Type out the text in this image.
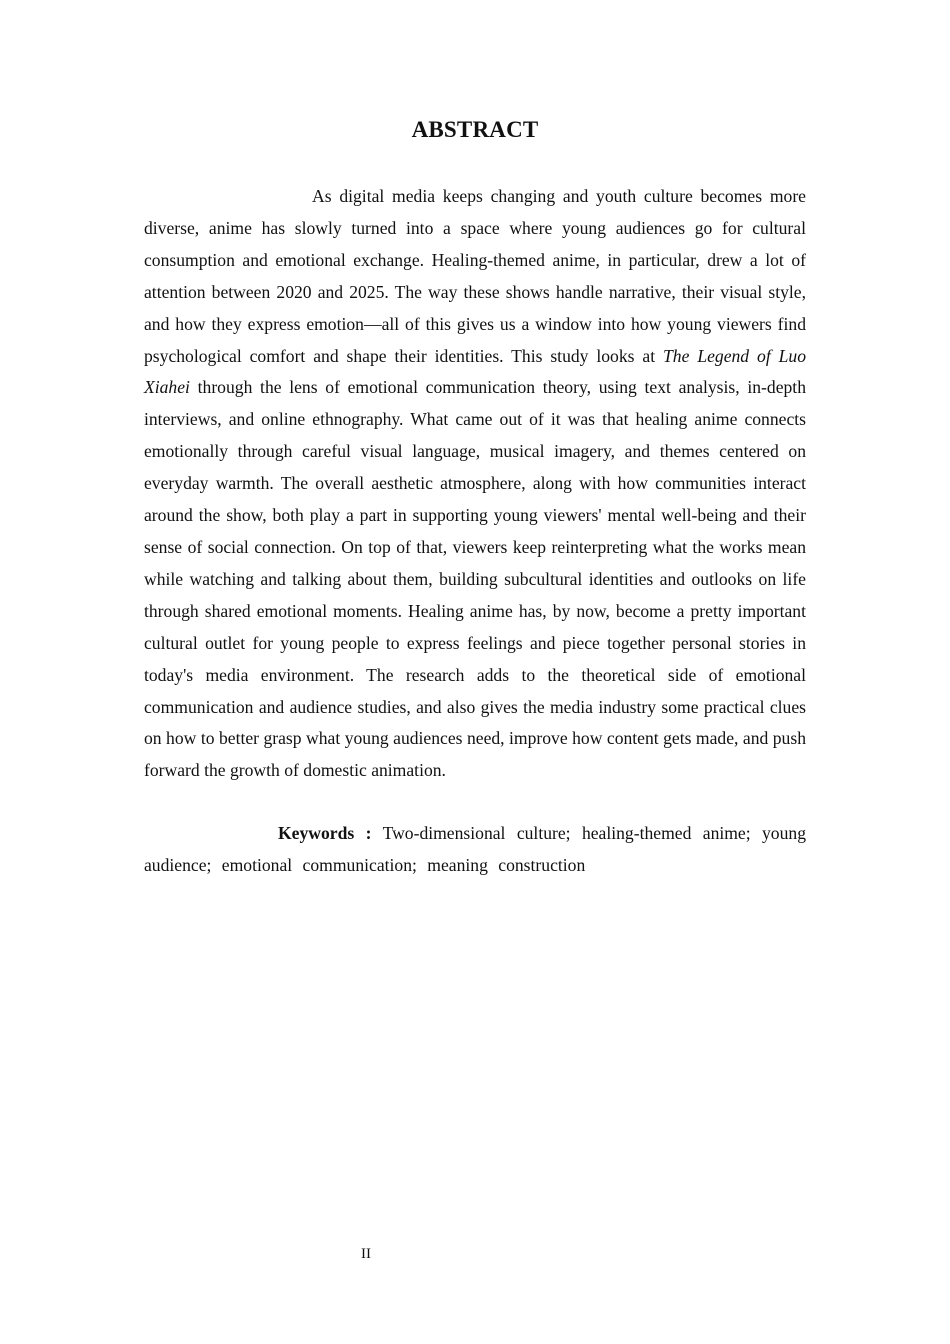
ABSTRACT

As digital media keeps changing and youth culture becomes more diverse, anime has slowly turned into a space where young audiences go for cultural consumption and emotional exchange. Healing-themed anime, in particular, drew a lot of attention between 2020 and 2025. The way these shows handle narrative, their visual style, and how they express emotion—all of this gives us a window into how young viewers find psychological comfort and shape their identities. This study looks at The Legend of Luo Xiahei through the lens of emotional communication theory, using text analysis, in-depth interviews, and online ethnography. What came out of it was that healing anime connects emotionally through careful visual language, musical imagery, and themes centered on everyday warmth. The overall aesthetic atmosphere, along with how communities interact around the show, both play a part in supporting young viewers' mental well-being and their sense of social connection. On top of that, viewers keep reinterpreting what the works mean while watching and talking about them, building subcultural identities and outlooks on life through shared emotional moments. Healing anime has, by now, become a pretty important cultural outlet for young people to express feelings and piece together personal stories in today's media environment. The research adds to the theoretical side of emotional communication and audience studies, and also gives the media industry some practical clues on how to better grasp what young audiences need, improve how content gets made, and push forward the growth of domestic animation.

Keywords : Two-dimensional culture; healing-themed anime; young audience; emotional communication; meaning construction

II
